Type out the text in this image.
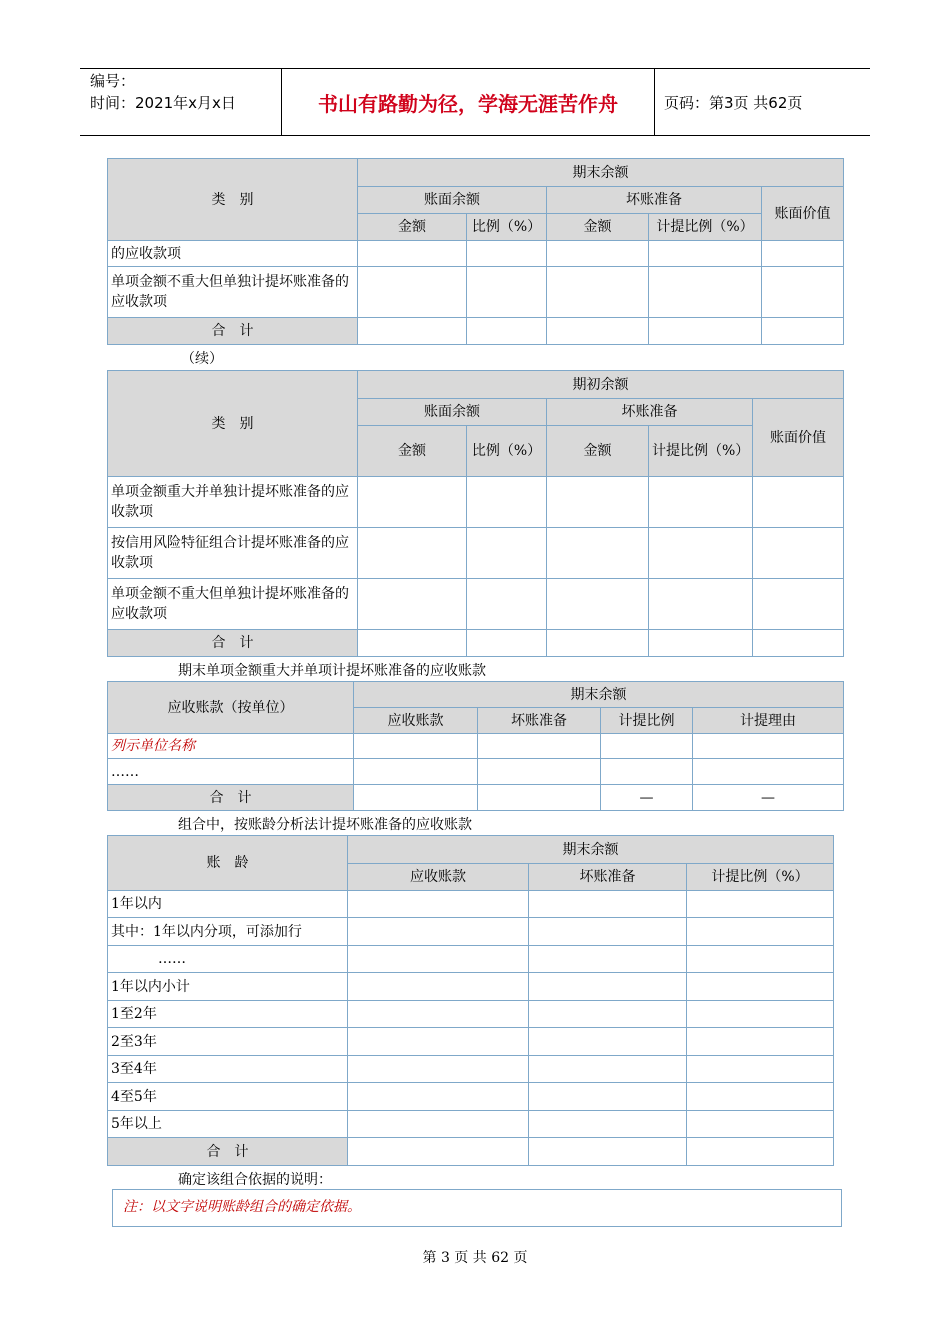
编号：
时间：2021年x月x日	书山有路勤为径，学海无涯苦作舟	页码：第3页 共62页
类　别	期末余额				
	账面余额		坏账准备		账面价值
	金额	比例（%）	金额	计提比例（%）	
的应收款项					
单项金额不重大但单独计提坏账准备的应收款项					
合　计					
（续）
类　别	期初余额				
	账面余额		坏账准备		账面价值
	金额	比例（%）	金额	计提比例（%）	
单项金额重大并单独计提坏账准备的应收款项					
按信用风险特征组合计提坏账准备的应收款项					
单项金额不重大但单独计提坏账准备的应收款项					
合　计					
期末单项金额重大并单项计提坏账准备的应收账款
应收账款（按单位）	期末余额			
	应收账款	坏账准备	计提比例	计提理由
列示单位名称				
……				
合　计			—	—
组合中，按账龄分析法计提坏账准备的应收账款
账　龄	期末余额		
	应收账款	坏账准备	计提比例（%）
1年以内			
其中：1年以内分项，可添加行			
……			
1年以内小计			
1至2年			
2至3年			
3至4年			
4至5年			
5年以上			
合　计			
确定该组合依据的说明：
注：以文字说明账龄组合的确定依据。
第 3 页 共 62 页
